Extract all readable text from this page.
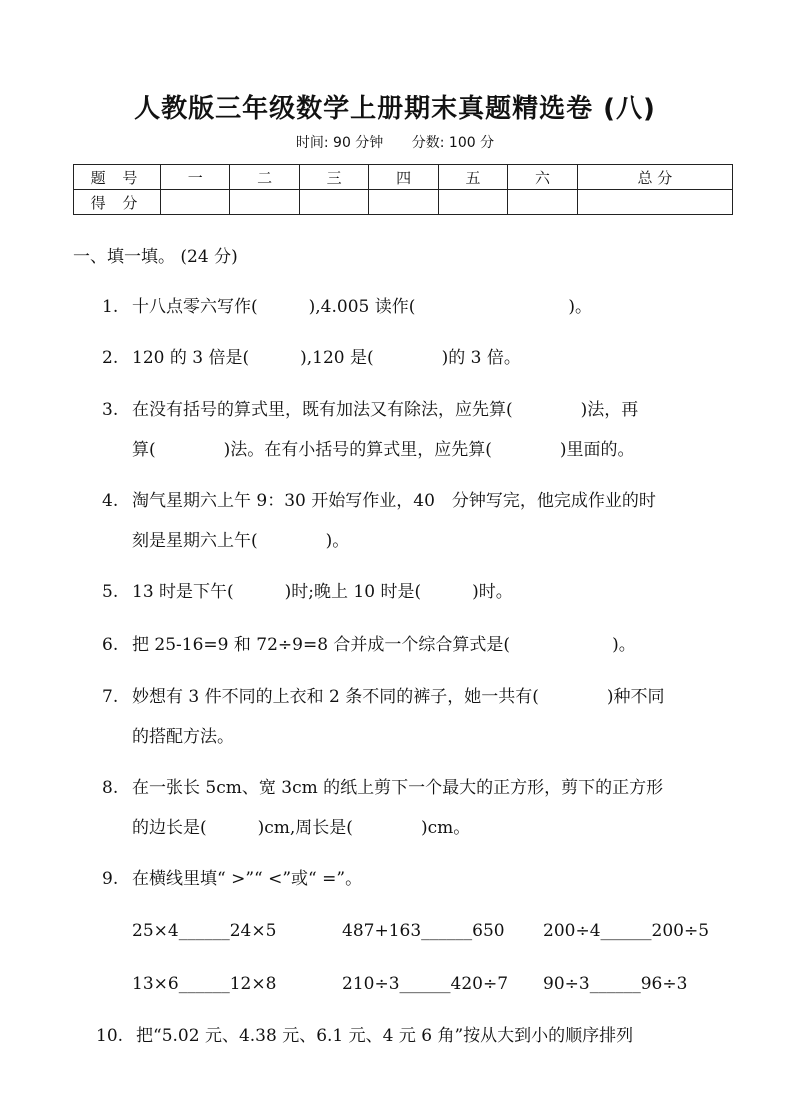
人教版三年级数学上册期末真题精选卷 (八)
时间: 90 分钟 分数: 100 分
题 号	一	二	三	四	五	六	总 分
得 分							
一、填一填。 (24 分)
1. 十八点零六写作(　　　),4.005 读作(　　　　　　　　　)。
2. 120 的 3 倍是(　　　),120 是(　　　　)的 3 倍。
3. 在没有括号的算式里，既有加法又有除法，应先算(　　　　)法，再
算(　　　　)法。在有小括号的算式里，应先算(　　　　)里面的。
4. 淘气星期六上午 9：30 开始写作业，40　分钟写完，他完成作业的时
刻是星期六上午(　　　　)。
5. 13 时是下午(　　　)时;晚上 10 时是(　　　)时。
6. 把 25-16=9 和 72÷9=8 合并成一个综合算式是(　　　　　　)。
7. 妙想有 3 件不同的上衣和 2 条不同的裤子，她一共有(　　　　)种不同
的搭配方法。
8. 在一张长 5cm、宽 3cm 的纸上剪下一个最大的正方形，剪下的正方形
的边长是(　　　)cm,周长是(　　　　)cm。
9. 在横线里填“ >”“ <”或“ =”。
25×4______24×5	487+163______650 200÷4______200÷5
13×6______12×8	210÷3______420÷7 90÷3______96÷3
10. 把“5.02 元、4.38 元、6.1 元、4 元 6 角”按从大到小的顺序排列
